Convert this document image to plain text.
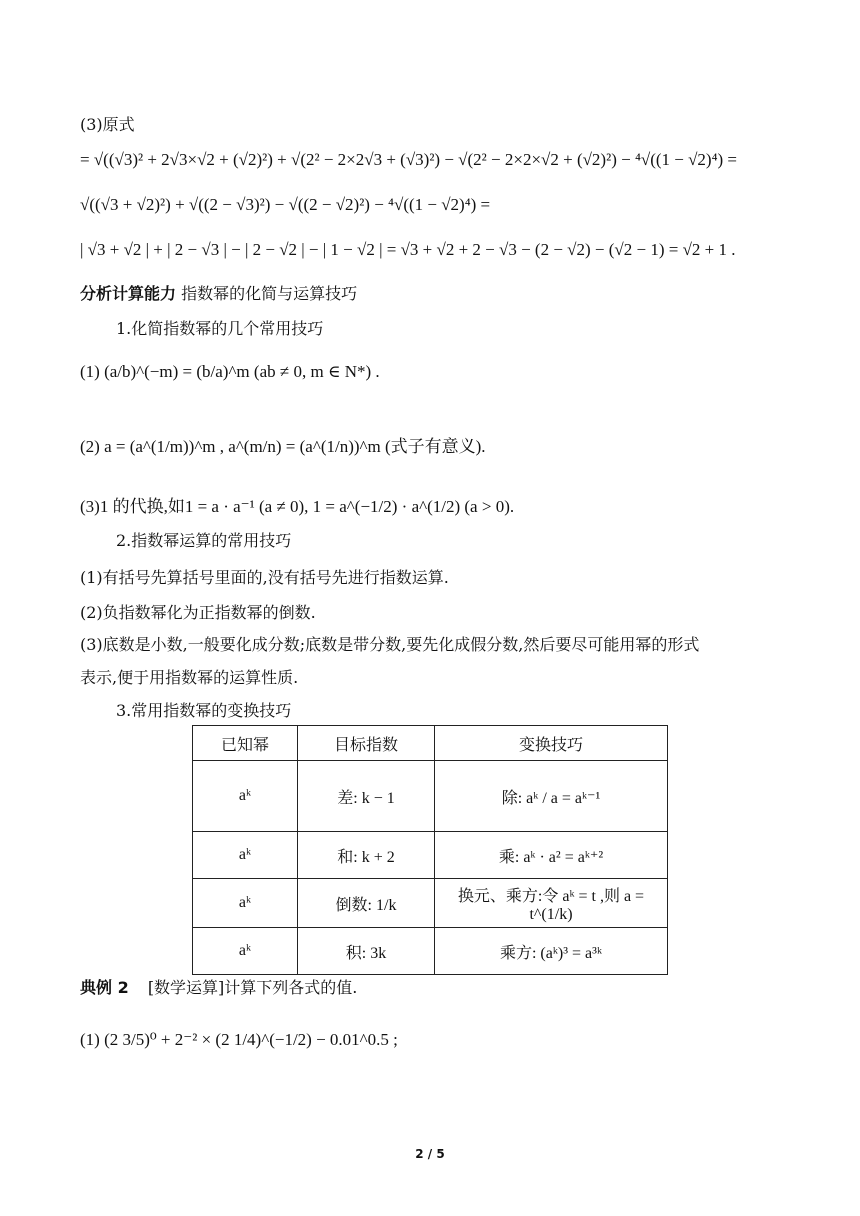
(3)原式
= √((√3)² + 2√3×√2 + (√2)²) + √(2² − 2×2√3 + (√3)²) − √(2² − 2×2×√2 + (√2)²) − ⁴√((1 − √2)⁴) =
√((√3 + √2)²) + √((2 − √3)²) − √((2 − √2)²) − ⁴√((1 − √2)⁴) =
| √3 + √2 | + | 2 − √3 | − | 2 − √2 | − | 1 − √2 | = √3 + √2 + 2 − √3 − (2 − √2) − (√2 − 1) = √2 + 1 .
分析计算能力 指数幂的化简与运算技巧
1.化简指数幂的几个常用技巧
(1) (a/b)^(−m) = (b/a)^m (ab ≠ 0, m ∈ N*) .
(2) a = (a^(1/m))^m , a^(m/n) = (a^(1/n))^m (式子有意义).
(3)1 的代换,如1 = a · a⁻¹ (a ≠ 0), 1 = a^(−1/2) · a^(1/2) (a > 0).
2.指数幂运算的常用技巧
(1)有括号先算括号里面的,没有括号先进行指数运算.
(2)负指数幂化为正指数幂的倒数.
(3)底数是小数,一般要化成分数;底数是带分数,要先化成假分数,然后要尽可能用幂的形式
表示,便于用指数幂的运算性质.
3.常用指数幂的变换技巧
已知幂	目标指数	变换技巧
aᵏ	差: k − 1	除: aᵏ / a = aᵏ⁻¹
aᵏ	和: k + 2	乘: aᵏ · a² = aᵏ⁺²
aᵏ	倒数: 1/k	换元、乘方:令 aᵏ = t ,则 a = t^(1/k)
aᵏ	积: 3k	乘方: (aᵏ)³ = a³ᵏ
典例 2 [数学运算]计算下列各式的值.
(1) (2 3/5)⁰ + 2⁻² × (2 1/4)^(−1/2) − 0.01^0.5 ;
2 / 5
